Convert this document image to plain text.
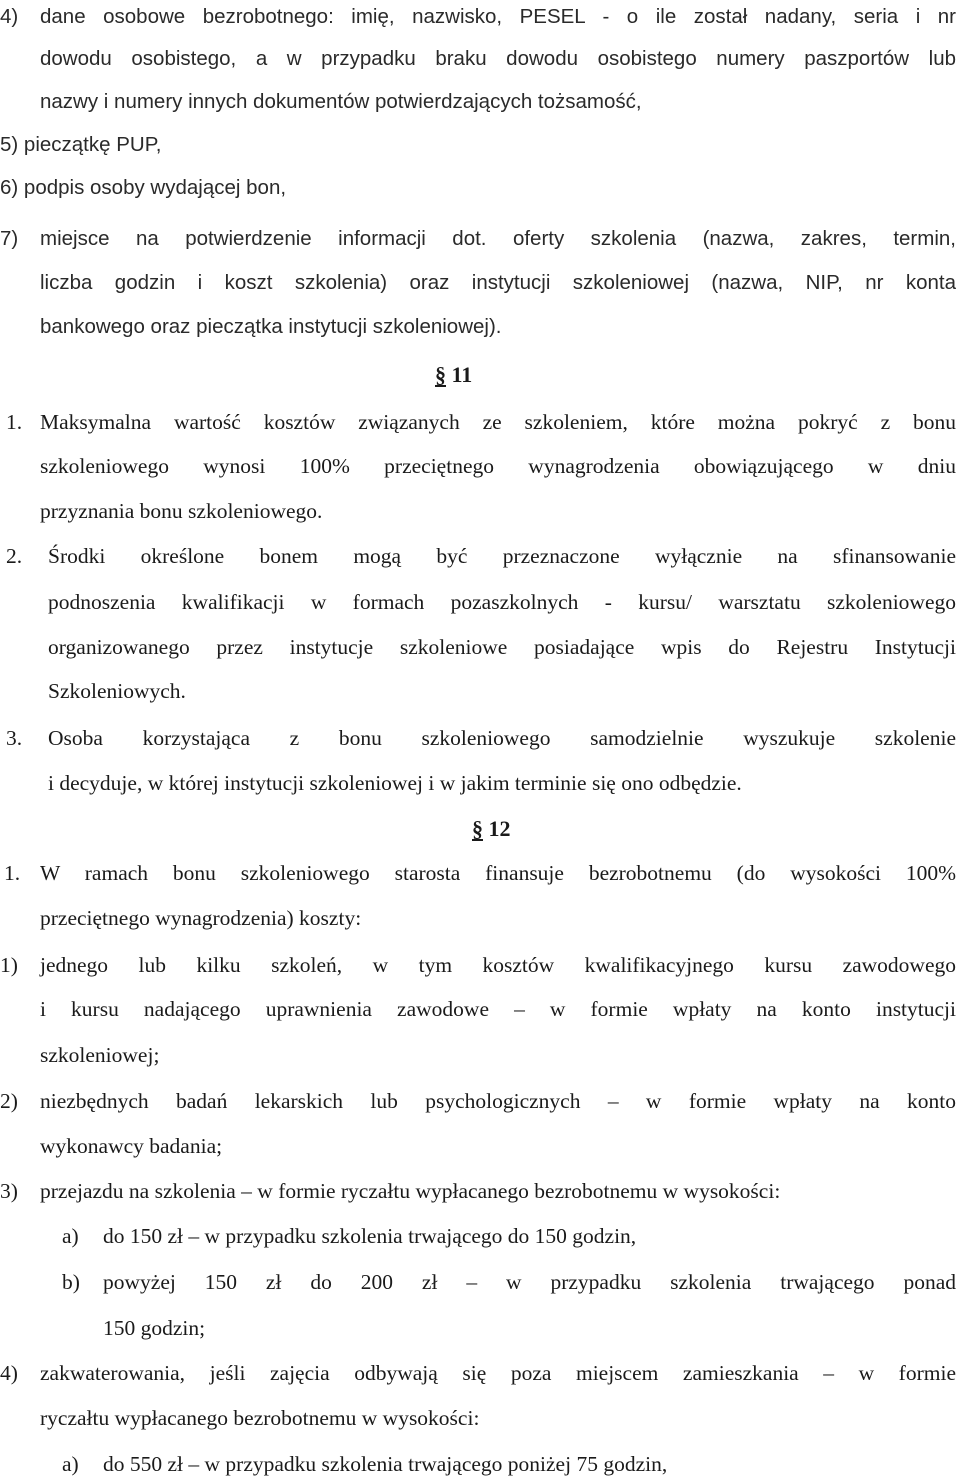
4) dane osobowe bezrobotnego: imię, nazwisko, PESEL - o ile został nadany, seria i nr
dowodu osobistego, a w przypadku braku dowodu osobistego numery paszportów lub
nazwy i numery innych dokumentów potwierdzających tożsamość,
5) pieczątkę PUP,
6) podpis osoby wydającej bon,
7) miejsce na potwierdzenie informacji dot. oferty szkolenia (nazwa, zakres, termin,
liczba godzin i koszt szkolenia) oraz instytucji szkoleniowej (nazwa, NIP, nr konta
bankowego oraz pieczątka instytucji szkoleniowej).
§ 11
1. Maksymalna wartość kosztów związanych ze szkoleniem, które można pokryć z bonu
szkoleniowego wynosi 100% przeciętnego wynagrodzenia obowiązującego w dniu
przyznania bonu szkoleniowego.
2. Środki określone bonem mogą być przeznaczone wyłącznie na sfinansowanie
podnoszenia kwalifikacji w formach pozaszkolnych - kursu/ warsztatu szkoleniowego
organizowanego przez instytucje szkoleniowe posiadające wpis do Rejestru Instytucji
Szkoleniowych.
3. Osoba korzystająca z bonu szkoleniowego samodzielnie wyszukuje szkolenie
i decyduje, w której instytucji szkoleniowej i w jakim terminie się ono odbędzie.
§ 12
1. W ramach bonu szkoleniowego starosta finansuje bezrobotnemu (do wysokości 100%
przeciętnego wynagrodzenia) koszty:
1) jednego lub kilku szkoleń, w tym kosztów kwalifikacyjnego kursu zawodowego
i kursu nadającego uprawnienia zawodowe – w formie wpłaty na konto instytucji
szkoleniowej;
2) niezbędnych badań lekarskich lub psychologicznych – w formie wpłaty na konto
wykonawcy badania;
3) przejazdu na szkolenia – w formie ryczałtu wypłacanego bezrobotnemu w wysokości:
a) do 150 zł – w przypadku szkolenia trwającego do 150 godzin,
b) powyżej 150 zł do 200 zł – w przypadku szkolenia trwającego ponad
150 godzin;
4) zakwaterowania, jeśli zajęcia odbywają się poza miejscem zamieszkania – w formie
ryczałtu wypłacanego bezrobotnemu w wysokości:
a) do 550 zł – w przypadku szkolenia trwającego poniżej 75 godzin,
